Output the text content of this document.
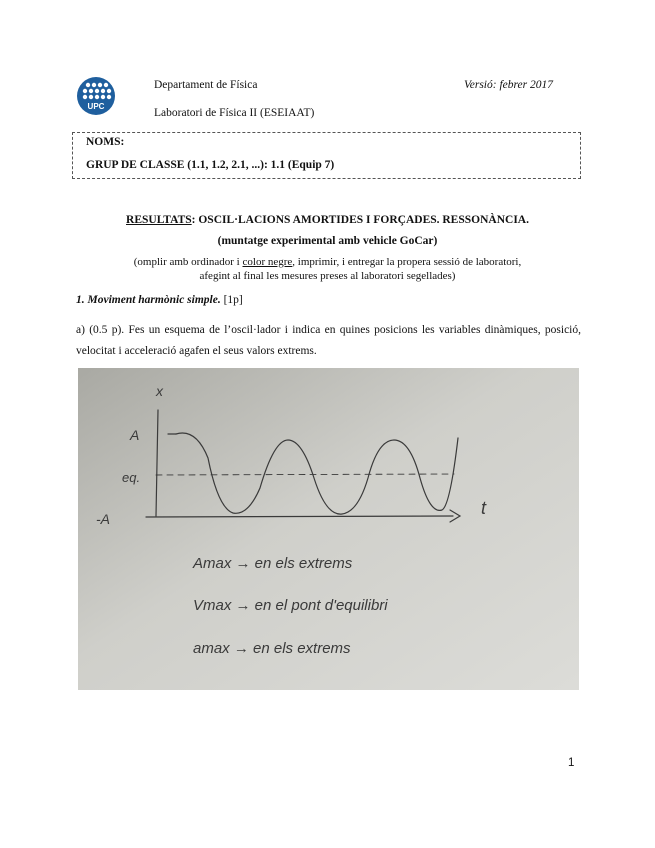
UPC
Departament de Física
Laboratori de Física II (ESEIAAT)
Versió: febrer 2017
NOMS:
GRUP DE CLASSE (1.1, 1.2, 2.1, ...): 1.1 (Equip 7)
RESULTATS: OSCIL·LACIONS AMORTIDES I FORÇADES. RESSONÀNCIA.
(muntatge experimental amb vehicle GoCar)
(omplir amb ordinador i color negre, imprimir, i entregar la propera sessió de laboratori,
afegint al final les mesures preses al laboratori segellades)
1. Moviment harmònic simple. [1p]
a) (0.5 p). Fes un esquema de l’oscil·lador i indica en quines posicions les variables dinàmiques, posició, velocitat i acceleració agafen el seus valors extrems.
x
t
A
eq.
-A
Amax → en els extrems
Vmax → en el pont d'equilibri
amax → en els extrems
1
